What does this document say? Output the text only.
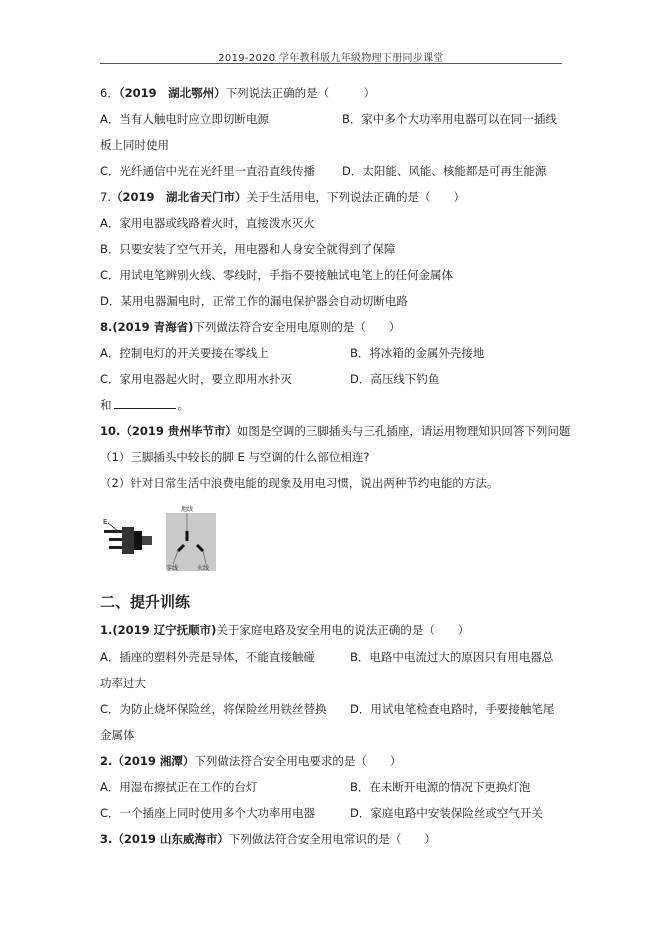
2019-2020 学年教科版九年级物理下册同步课堂
6．（2019　湖北鄂州）下列说法正确的是（　　　）
A．当有人触电时应立即切断电源	B．家中多个大功率用电器可以在同一插线
板上同时使用
C．光纤通信中光在光纤里一直沿直线传播 D．太阳能、风能、核能都是可再生能源
7.（2019　湖北省天门市）关于生活用电，下列说法正确的是（　　）
A．家用电器或线路着火时，直接泼水灭火
B．只要安装了空气开关，用电器和人身安全就得到了保障
C．用试电笔辨别火线、零线时，手指不要接触试电笔上的任何金属体
D．某用电器漏电时，正常工作的漏电保护器会自动切断电路
8.(2019 青海省)下列做法符合安全用电原则的是（　　）
A．控制电灯的开关要接在零线上	B．将冰箱的金属外壳接地
C．家用电器起火时，要立即用水扑灭	D．高压线下钓鱼
和	。
10.（2019 贵州毕节市）如图是空调的三脚插头与三孔插座，请运用物理知识回答下列问题
（1）三脚插头中较长的脚 E 与空调的什么部位相连?
（2）针对日常生活中浪费电能的现象及用电习惯，说出两种节约电能的方法。
E
地线
零线	火线
二、提升训练
1.(2019 辽宁抚顺市)关于家庭电路及安全用电的说法正确的是（　　）
A．插座的塑料外壳是导体，不能直接触碰	B．电路中电流过大的原因只有用电器总
功率过大
C．为防止烧坏保险丝，将保险丝用铁丝替换 D．用试电笔检查电路时，手要接触笔尾
金属体
2.（2019 湘潭）下列做法符合安全用电要求的是（　　）
A．用湿布擦拭正在工作的台灯	B．在未断开电源的情况下更换灯泡
C．一个插座上同时使用多个大功率用电器	D．家庭电路中安装保险丝或空气开关
3.（2019 山东威海市）下列做法符合安全用电常识的是（　　）
